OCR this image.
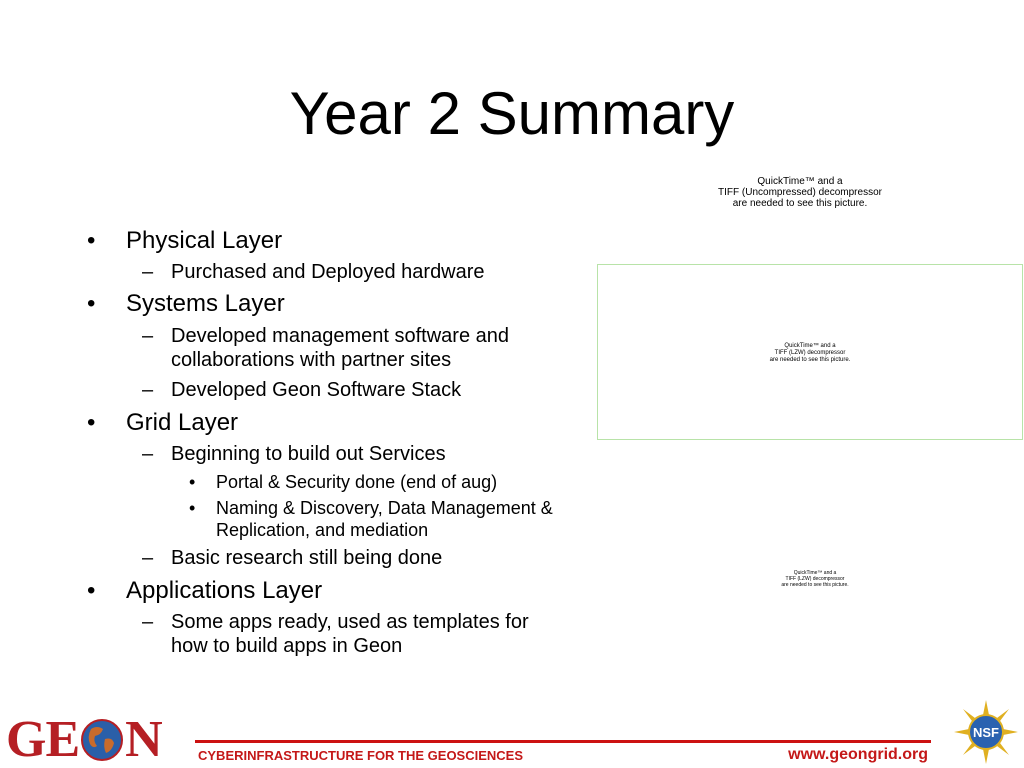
Year 2 Summary
QuickTime™ and a
TIFF (Uncompressed) decompressor
are needed to see this picture.
QuickTime™ and a
TIFF (LZW) decompressor
are needed to see this picture.
QuickTime™ and a
TIFF (LZW) decompressor
are needed to see this picture.
• Physical Layer
– Purchased and Deployed hardware
• Systems Layer
– Developed management software and
collaborations with partner sites
– Developed Geon Software Stack
• Grid Layer
– Beginning to build out Services
• Portal & Security done (end of aug)
• Naming & Discovery, Data Management &
Replication, and mediation
– Basic research still being done
• Applications Layer
– Some apps ready, used as templates for
how to build apps in Geon
GE N	CYBERINFRASTRUCTURE FOR THE GEOSCIENCES	www.geongrid.org
NSF
